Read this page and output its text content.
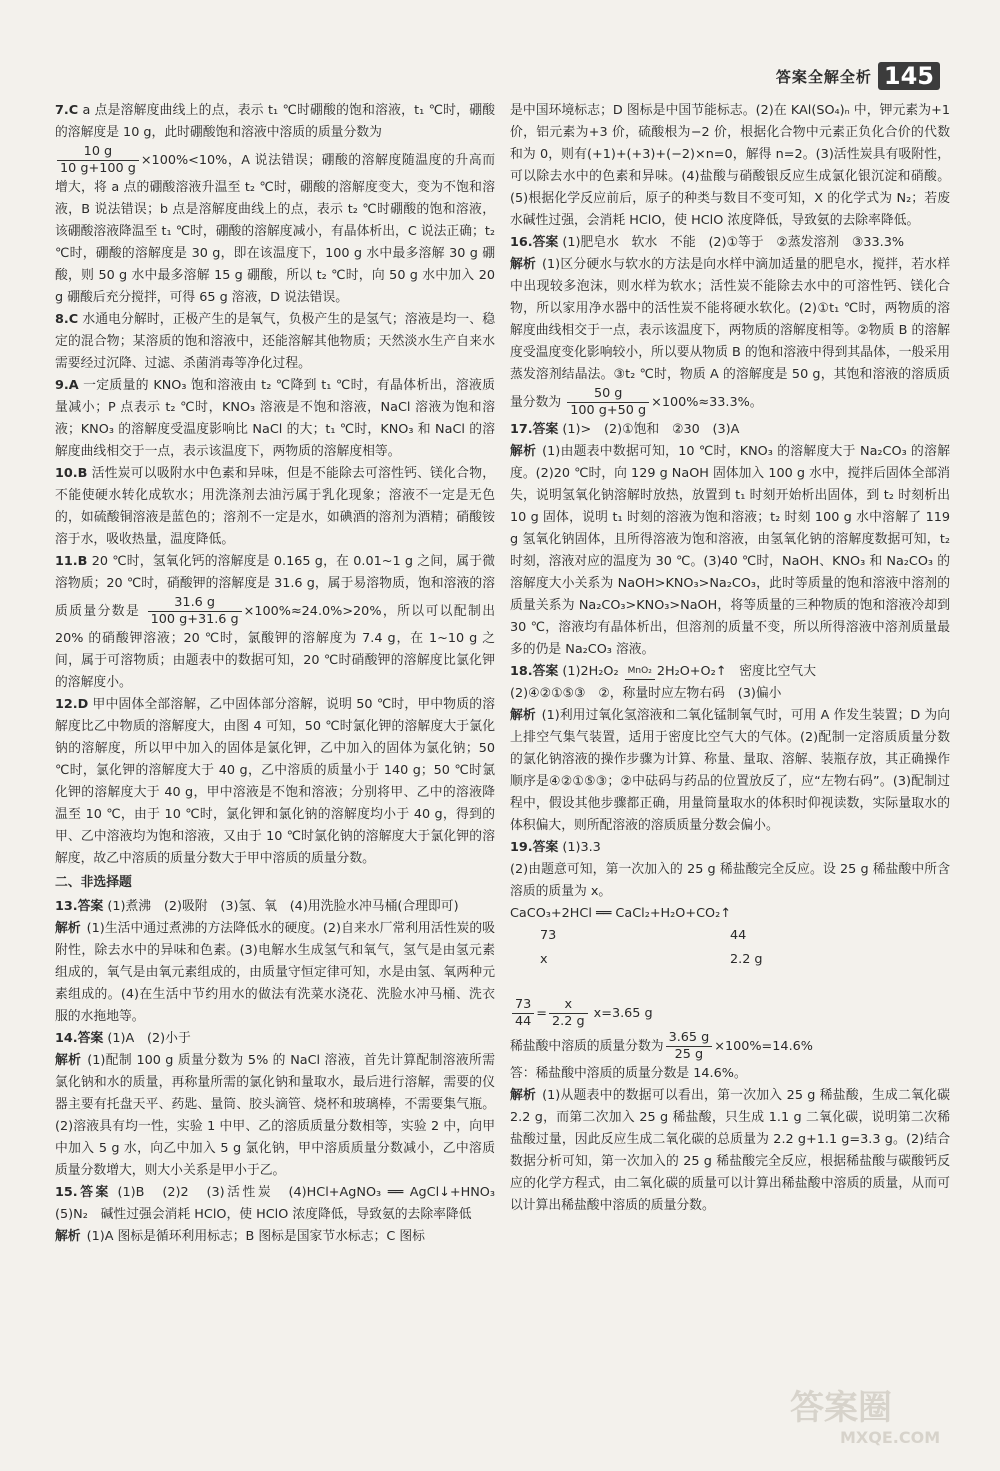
答案全解全析 145

7.C a 点是溶解度曲线上的点，表示 t₁ ℃时硼酸的饱和溶液，t₁ ℃时，硼酸的溶解度是 10 g，此时硼酸饱和溶液中溶质的质量分数为

$\frac{10 g}{10 g+100 g} \times 100\%<10\%$，A 说法错误；硼酸的溶解度随温度的升高而增大，将 a 点的硼酸溶液升温至 t₂ ℃时，硼酸的溶解度变大，变为不饱和溶液，B 说法错误；b 点是溶解度曲线上的点，表示 t₂ ℃时硼酸的饱和溶液，该硼酸溶液降温至 t₁ ℃时，硼酸的溶解度减小，有晶体析出，C 说法正确；t₂ ℃时，硼酸的溶解度是 30 g，即在该温度下，100 g 水中最多溶解 30 g 硼酸，则 50 g 水中最多溶解 15 g 硼酸，所以 t₂ ℃时，向 50 g 水中加入 20 g 硼酸后充分搅拌，可得 65 g 溶液，D 说法错误。

8.C 水通电分解时，正极产生的是氧气，负极产生的是氢气；溶液是均一、稳定的混合物；某溶质的饱和溶液中，还能溶解其他物质；天然淡水生产自来水需要经过沉降、过滤、杀菌消毒等净化过程。

9.A 一定质量的 KNO₃ 饱和溶液由 t₂ ℃降到 t₁ ℃时，有晶体析出，溶液质量减小；P 点表示 t₂ ℃时，KNO₃ 溶液是不饱和溶液，NaCl 溶液为饱和溶液；KNO₃ 的溶解度受温度影响比 NaCl 的大；t₁ ℃时，KNO₃ 和 NaCl 的溶解度曲线相交于一点，表示该温度下，两物质的溶解度相等。

10.B 活性炭可以吸附水中色素和异味，但是不能除去可溶性钙、镁化合物，不能使硬水转化成软水；用洗涤剂去油污属于乳化现象；溶液不一定是无色的，如硫酸铜溶液是蓝色的；溶剂不一定是水，如碘酒的溶剂为酒精；硝酸铵溶于水，吸收热量，温度降低。

11.B 20 ℃时，氢氧化钙的溶解度是 0.165 g，在 0.01~1 g 之间，属于微溶物质；20 ℃时，硝酸钾的溶解度是 31.6 g，属于易溶物质，饱和溶液的溶质质量分数是 $\frac{31.6 g}{100 g+31.6 g} \times 100\%\approx 24.0\%>20\%$，所以可以配制出 20% 的硝酸钾溶液；20 ℃时，氯酸钾的溶解度为 7.4 g，在 1~10 g 之间，属于可溶物质；由题表中的数据可知，20 ℃时硝酸钾的溶解度比氯化钾的溶解度小。

12.D 甲中固体全部溶解，乙中固体部分溶解，说明 50 ℃时，甲中物质的溶解度比乙中物质的溶解度大，由图 4 可知，50 ℃时氯化钾的溶解度大于氯化钠的溶解度，所以甲中加入的固体是氯化钾，乙中加入的固体为氯化钠；50 ℃时，氯化钾的溶解度大于 40 g，乙中溶质的质量小于 140 g；50 ℃时氯化钾的溶解度大于 40 g，甲中溶液是不饱和溶液；分别将甲、乙中的溶液降温至 10 ℃，由于 10 ℃时，氯化钾和氯化钠的溶解度均小于 40 g，得到的甲、乙中溶液均为饱和溶液，又由于 10 ℃时氯化钠的溶解度大于氯化钾的溶解度，故乙中溶质的质量分数大于甲中溶质的质量分数。

二、非选择题

13.答案 (1)煮沸　(2)吸附　(3)氢、氧　(4)用洗脸水冲马桶(合理即可)
解析 (1)生活中通过煮沸的方法降低水的硬度。(2)自来水厂常利用活性炭的吸附性，除去水中的异味和色素。(3)电解水生成氢气和氧气，氢气是由氢元素组成的，氧气是由氧元素组成的，由质量守恒定律可知，水是由氢、氧两种元素组成的。(4)在生活中节约用水的做法有洗菜水浇花、洗脸水冲马桶、洗衣服的水拖地等。

14.答案 (1)A　(2)小于
解析 (1)配制 100 g 质量分数为 5% 的 NaCl 溶液，首先计算配制溶液所需氯化钠和水的质量，再称量所需的氯化钠和量取水，最后进行溶解，需要的仪器主要有托盘天平、药匙、量筒、胶头滴管、烧杯和玻璃棒，不需要集气瓶。(2)溶液具有均一性，实验 1 中甲、乙的溶质质量分数相等，实验 2 中，向甲中加入 5 g 水，向乙中加入 5 g 氯化钠，甲中溶质质量分数减小，乙中溶质质量分数增大，则大小关系是甲小于乙。

15.答案 (1)B　(2)2　(3)活性炭　(4)HCl+AgNO₃ ══ AgCl↓+HNO₃　(5)N₂　碱性过强会消耗 HClO，使 HClO 浓度降低，导致氨的去除率降低
解析 (1)A 图标是循环利用标志；B 图标是国家节水标志；C 图标

是中国环境标志；D 图标是中国节能标志。(2)在 KAl(SO₄)ₙ 中，钾元素为+1 价，铝元素为+3 价，硫酸根为−2 价，根据化合物中元素正负化合价的代数和为 0，则有(+1)+(+3)+(−2)×n=0，解得 n=2。(3)活性炭具有吸附性，可以除去水中的色素和异味。(4)盐酸与硝酸银反应生成氯化银沉淀和硝酸。(5)根据化学反应前后，原子的种类与数目不变可知，X 的化学式为 N₂；若废水碱性过强，会消耗 HClO，使 HClO 浓度降低，导致氨的去除率降低。

16.答案 (1)肥皂水　软水　不能　(2)①等于　②蒸发溶剂　③33.3%
解析 (1)区分硬水与软水的方法是向水样中滴加适量的肥皂水，搅拌，若水样中出现较多泡沫，则水样为软水；活性炭不能除去水中的可溶性钙、镁化合物，所以家用净水器中的活性炭不能将硬水软化。(2)①t₁ ℃时，两物质的溶解度曲线相交于一点，表示该温度下，两物质的溶解度相等。②物质 B 的溶解度受温度变化影响较小，所以要从物质 B 的饱和溶液中得到其晶体，一般采用蒸发溶剂结晶法。③t₂ ℃时，物质 A 的溶解度是 50 g，其饱和溶液的溶质质量分数为 $\frac{50 g}{100 g+50 g} \times 100\%\approx 33.3\%$。

17.答案 (1)>　(2)①饱和　②30　(3)A
解析 (1)由题表中数据可知，10 ℃时，KNO₃ 的溶解度大于 Na₂CO₃ 的溶解度。(2)20 ℃时，向 129 g NaOH 固体加入 100 g 水中，搅拌后固体全部消失，说明氢氧化钠溶解时放热，放置到 t₁ 时刻开始析出固体，到 t₂ 时刻析出 10 g 固体，说明 t₁ 时刻的溶液为饱和溶液；t₂ 时刻 100 g 水中溶解了 119 g 氢氧化钠固体，且所得溶液为饱和溶液，由氢氧化钠的溶解度数据可知，t₂ 时刻，溶液对应的温度为 30 ℃。(3)40 ℃时，NaOH、KNO₃ 和 Na₂CO₃ 的溶解度大小关系为 NaOH>KNO₃>Na₂CO₃，此时等质量的饱和溶液中溶剂的质量关系为 Na₂CO₃>KNO₃>NaOH，将等质量的三种物质的饱和溶液冷却到 30 ℃，溶液均有晶体析出，但溶剂的质量不变，所以所得溶液中溶剂质量最多的仍是 Na₂CO₃ 溶液。

18.答案 (1)2H₂O₂	MnO₂ 2H₂O+O₂↑　密度比空气大
(2)④②①⑤③　②，称量时应左物右码　(3)偏小
解析 (1)利用过氧化氢溶液和二氧化锰制氧气时，可用 A 作发生装置；D 为向上排空气集气装置，适用于密度比空气大的气体。(2)配制一定溶质质量分数的氯化钠溶液的操作步骤为计算、称量、量取、溶解、装瓶存放，其正确操作顺序是④②①⑤③；②中砝码与药品的位置放反了，应“左物右码”。(3)配制过程中，假设其他步骤都正确，用量筒量取水的体积时仰视读数，实际量取水的体积偏大，则所配溶液的溶质质量分数会偏小。

19.答案 (1)3.3
(2)由题意可知，第一次加入的 25 g 稀盐酸完全反应。设 25 g 稀盐酸中所含溶质的质量为 x。
CaCO₃+2HCl ══ CaCl₂+H₂O+CO₂↑

73	44
x	2.2 g

$\frac{73}{44} = \frac{x}{2.2 g} x=3.65$ g

稀盐酸中溶质的质量分数为 $\frac{3.65 g}{25 g} \times 100\%=14.6\%$

答：稀盐酸中溶质的质量分数是 14.6%。

解析 (1)从题表中的数据可以看出，第一次加入 25 g 稀盐酸，生成二氧化碳 2.2 g，而第二次加入 25 g 稀盐酸，只生成 1.1 g 二氧化碳，说明第二次稀盐酸过量，因此反应生成二氧化碳的总质量为 2.2 g+1.1 g=3.3 g。(2)结合数据分析可知，第一次加入的 25 g 稀盐酸完全反应，根据稀盐酸与碳酸钙反应的化学方程式，由二氧化碳的质量可以计算出稀盐酸中溶质的质量，从而可以计算出稀盐酸中溶质的质量分数。

答案圈
MXQE.COM
